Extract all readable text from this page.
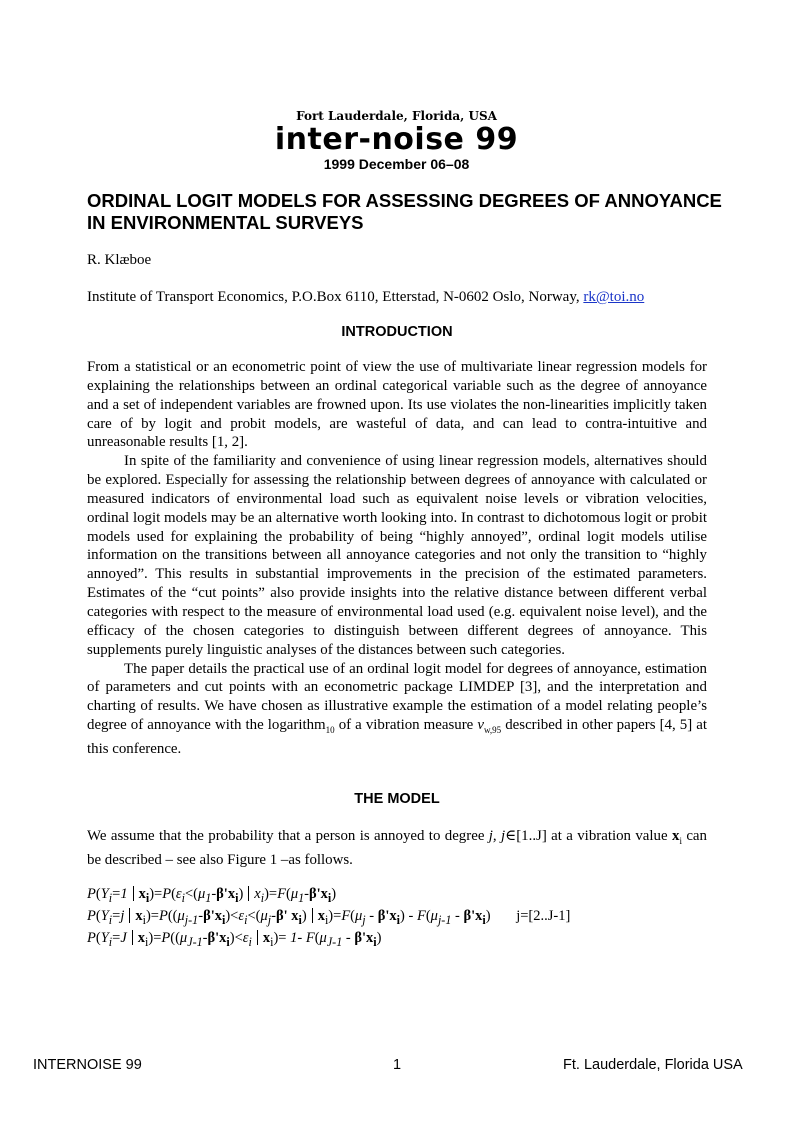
Fort Lauderdale, Florida, USA
inter-noise 99
1999 December 06–08
ORDINAL LOGIT MODELS FOR ASSESSING DEGREES OF ANNOYANCE IN ENVIRONMENTAL SURVEYS

R. Klæboe

Institute of Transport Economics, P.O.Box 6110, Etterstad, N-0602 Oslo, Norway, rk@toi.no

INTRODUCTION

From a statistical or an econometric point of view the use of multivariate linear regression models for explaining the relationships between an ordinal categorical variable such as the degree of annoyance and a set of independent variables are frowned upon. Its use violates the non-linearities implicitly taken care of by logit and probit models, are wasteful of data, and can lead to contra-intuitive and unreasonable results [1, 2].

In spite of the familiarity and convenience of using linear regression models, alternatives should be explored. Especially for assessing the relationship between degrees of annoyance with calculated or measured indicators of environmental load such as equivalent noise levels or vibration velocities, ordinal logit models may be an alternative worth looking into. In contrast to dichotomous logit or probit models used for explaining the probability of being “highly annoyed”, ordinal logit models utilise information on the transitions between all annoyance categories and not only the transition to “highly annoyed”. This results in substantial improvements in the precision of the estimated parameters. Estimates of the “cut points” also provide insights into the relative distance between different verbal categories with respect to the measure of environmental load used (e.g. equivalent noise level), and the efficacy of the chosen categories to distinguish between different degrees of annoyance. This supplements purely linguistic analyses of the distances between such categories.

The paper details the practical use of an ordinal logit model for degrees of annoyance, estimation of parameters and cut points with an econometric package LIMDEP [3], and the interpretation and charting of results. We have chosen as illustrative example the estimation of a model relating people’s degree of annoyance with the logarithm$_{10}$ of a vibration measure $v_{w,95}$ described in other papers [4, 5] at this conference.

THE MODEL

We assume that the probability that a person is annoyed to degree j, j∈[1..J] at a vibration value $x_i$ can be described – see also Figure 1 –as follows.

$P(Y_i=1$ $x_i)=P(\varepsilon_i<(\mu_1-\beta'x_i)$ $x_i)=F(\mu_1-\beta'x_i)$
$P(Y_i=j$ $x_i)=P((\mu_{j-1}-\beta'x_i)<\varepsilon_i<(\mu_j-\beta'$ $x_i$) $x_i)=F(\mu_j - \beta'x_i) - F(\mu_{j-1} - \beta'x_i)$ j=[2..J-1]
$P(Y_i=J$ $x_i)=P((\mu_{J-1}-\beta'x_i)<\varepsilon_i$ $x_i)= 1-$ $F(\mu_{J-1} - \beta'x_i)$

INTERNOISE 99	1	Ft. Lauderdale, Florida USA
